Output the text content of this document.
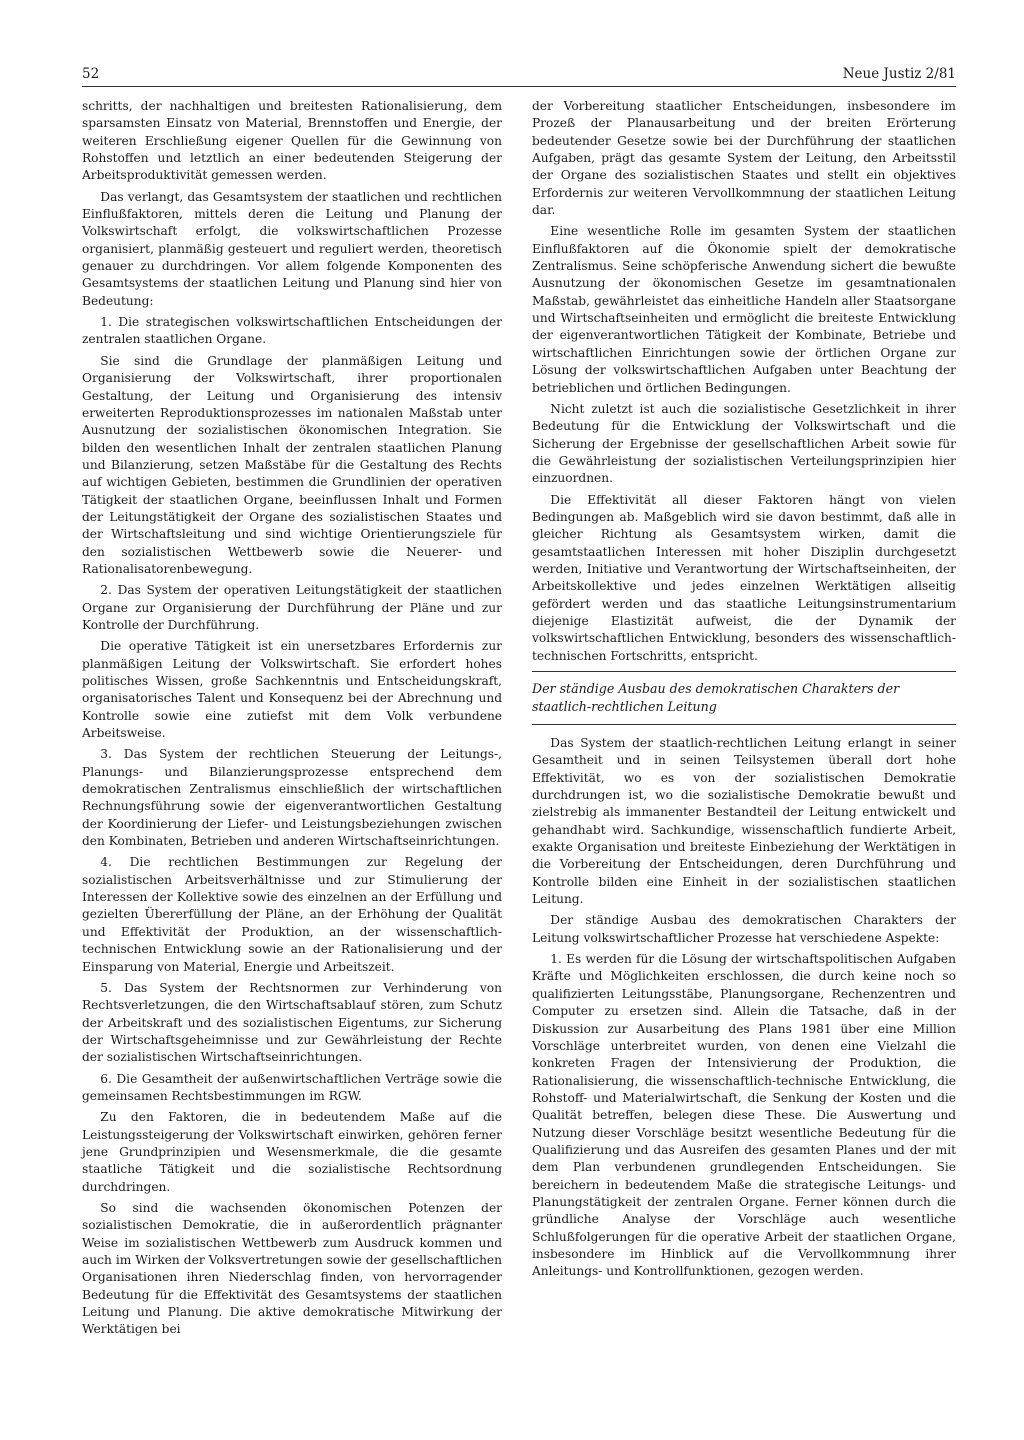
52	Neue Justiz 2/81

schritts, der nachhaltigen und breitesten Rationalisierung, dem sparsamsten Einsatz von Material, Brennstoffen und Energie, der weiteren Erschließung eigener Quellen für die Gewinnung von Rohstoffen und letztlich an einer bedeutenden Steigerung der Arbeitsproduktivität gemessen werden.

Das verlangt, das Gesamtsystem der staatlichen und rechtlichen Einflußfaktoren, mittels deren die Leitung und Planung der Volkswirtschaft erfolgt, die volkswirtschaftlichen Prozesse organisiert, planmäßig gesteuert und reguliert werden, theoretisch genauer zu durchdringen. Vor allem folgende Komponenten des Gesamtsystems der staatlichen Leitung und Planung sind hier von Bedeutung:

1. Die strategischen volkswirtschaftlichen Entscheidungen der zentralen staatlichen Organe.

Sie sind die Grundlage der planmäßigen Leitung und Organisierung der Volkswirtschaft, ihrer proportionalen Gestaltung, der Leitung und Organisierung des intensiv erweiterten Reproduktionsprozesses im nationalen Maßstab unter Ausnutzung der sozialistischen ökonomischen Integration. Sie bilden den wesentlichen Inhalt der zentralen staatlichen Planung und Bilanzierung, setzen Maßstäbe für die Gestaltung des Rechts auf wichtigen Gebieten, bestimmen die Grundlinien der operativen Tätigkeit der staatlichen Organe, beeinflussen Inhalt und Formen der Leitungstätigkeit der Organe des sozialistischen Staates und der Wirtschaftsleitung und sind wichtige Orientierungsziele für den sozialistischen Wettbewerb sowie die Neuerer- und Rationalisatorenbewegung.

2. Das System der operativen Leitungstätigkeit der staatlichen Organe zur Organisierung der Durchführung der Pläne und zur Kontrolle der Durchführung.

Die operative Tätigkeit ist ein unersetzbares Erfordernis zur planmäßigen Leitung der Volkswirtschaft. Sie erfordert hohes politisches Wissen, große Sachkenntnis und Entscheidungskraft, organisatorisches Talent und Konsequenz bei der Abrechnung und Kontrolle sowie eine zutiefst mit dem Volk verbundene Arbeitsweise.

3. Das System der rechtlichen Steuerung der Leitungs-, Planungs- und Bilanzierungsprozesse entsprechend dem demokratischen Zentralismus einschließlich der wirtschaftlichen Rechnungsführung sowie der eigenverantwortlichen Gestaltung der Koordinierung der Liefer- und Leistungsbeziehungen zwischen den Kombinaten, Betrieben und anderen Wirtschaftseinrichtungen.

4. Die rechtlichen Bestimmungen zur Regelung der sozialistischen Arbeitsverhältnisse und zur Stimulierung der Interessen der Kollektive sowie des einzelnen an der Erfüllung und gezielten Übererfüllung der Pläne, an der Erhöhung der Qualität und Effektivität der Produktion, an der wissenschaftlich-technischen Entwicklung sowie an der Rationalisierung und der Einsparung von Material, Energie und Arbeitszeit.

5. Das System der Rechtsnormen zur Verhinderung von Rechtsverletzungen, die den Wirtschaftsablauf stören, zum Schutz der Arbeitskraft und des sozialistischen Eigentums, zur Sicherung der Wirtschaftsgeheimnisse und zur Gewährleistung der Rechte der sozialistischen Wirtschaftseinrichtungen.

6. Die Gesamtheit der außenwirtschaftlichen Verträge sowie die gemeinsamen Rechtsbestimmungen im RGW.

Zu den Faktoren, die in bedeutendem Maße auf die Leistungssteigerung der Volkswirtschaft einwirken, gehören ferner jene Grundprinzipien und Wesensmerkmale, die die gesamte staatliche Tätigkeit und die sozialistische Rechtsordnung durchdringen.

So sind die wachsenden ökonomischen Potenzen der sozialistischen Demokratie, die in außerordentlich prägnanter Weise im sozialistischen Wettbewerb zum Ausdruck kommen und auch im Wirken der Volksvertretungen sowie der gesellschaftlichen Organisationen ihren Niederschlag finden, von hervorragender Bedeutung für die Effektivität des Gesamtsystems der staatlichen Leitung und Planung. Die aktive demokratische Mitwirkung der Werktätigen bei

der Vorbereitung staatlicher Entscheidungen, insbesondere im Prozeß der Planausarbeitung und der breiten Erörterung bedeutender Gesetze sowie bei der Durchführung der staatlichen Aufgaben, prägt das gesamte System der Leitung, den Arbeitsstil der Organe des sozialistischen Staates und stellt ein objektives Erfordernis zur weiteren Vervollkommnung der staatlichen Leitung dar.

Eine wesentliche Rolle im gesamten System der staatlichen Einflußfaktoren auf die Ökonomie spielt der demokratische Zentralismus. Seine schöpferische Anwendung sichert die bewußte Ausnutzung der ökonomischen Gesetze im gesamtnationalen Maßstab, gewährleistet das einheitliche Handeln aller Staatsorgane und Wirtschaftseinheiten und ermöglicht die breiteste Entwicklung der eigenverantwortlichen Tätigkeit der Kombinate, Betriebe und wirtschaftlichen Einrichtungen sowie der örtlichen Organe zur Lösung der volkswirtschaftlichen Aufgaben unter Beachtung der betrieblichen und örtlichen Bedingungen.

Nicht zuletzt ist auch die sozialistische Gesetzlichkeit in ihrer Bedeutung für die Entwicklung der Volkswirtschaft und die Sicherung der Ergebnisse der gesellschaftlichen Arbeit sowie für die Gewährleistung der sozialistischen Verteilungsprinzipien hier einzuordnen.

Die Effektivität all dieser Faktoren hängt von vielen Bedingungen ab. Maßgeblich wird sie davon bestimmt, daß alle in gleicher Richtung als Gesamtsystem wirken, damit die gesamtstaatlichen Interessen mit hoher Disziplin durchgesetzt werden, Initiative und Verantwortung der Wirtschaftseinheiten, der Arbeitskollektive und jedes einzelnen Werktätigen allseitig gefördert werden und das staatliche Leitungsinstrumentarium diejenige Elastizität aufweist, die der Dynamik der volkswirtschaftlichen Entwicklung, besonders des wissenschaftlich-technischen Fortschritts, entspricht.

Der ständige Ausbau des demokratischen Charakters der staatlich-rechtlichen Leitung

Das System der staatlich-rechtlichen Leitung erlangt in seiner Gesamtheit und in seinen Teilsystemen überall dort hohe Effektivität, wo es von der sozialistischen Demokratie durchdrungen ist, wo die sozialistische Demokratie bewußt und zielstrebig als immanenter Bestandteil der Leitung entwickelt und gehandhabt wird. Sachkundige, wissenschaftlich fundierte Arbeit, exakte Organisation und breiteste Einbeziehung der Werktätigen in die Vorbereitung der Entscheidungen, deren Durchführung und Kontrolle bilden eine Einheit in der sozialistischen staatlichen Leitung.

Der ständige Ausbau des demokratischen Charakters der Leitung volkswirtschaftlicher Prozesse hat verschiedene Aspekte:

1. Es werden für die Lösung der wirtschaftspolitischen Aufgaben Kräfte und Möglichkeiten erschlossen, die durch keine noch so qualifizierten Leitungsstäbe, Planungsorgane, Rechenzentren und Computer zu ersetzen sind. Allein die Tatsache, daß in der Diskussion zur Ausarbeitung des Plans 1981 über eine Million Vorschläge unterbreitet wurden, von denen eine Vielzahl die konkreten Fragen der Intensivierung der Produktion, die Rationalisierung, die wissenschaftlich-technische Entwicklung, die Rohstoff- und Materialwirtschaft, die Senkung der Kosten und die Qualität betreffen, belegen diese These. Die Auswertung und Nutzung dieser Vorschläge besitzt wesentliche Bedeutung für die Qualifizierung und das Ausreifen des gesamten Planes und der mit dem Plan verbundenen grundlegenden Entscheidungen. Sie bereichern in bedeutendem Maße die strategische Leitungs- und Planungstätigkeit der zentralen Organe. Ferner können durch die gründliche Analyse der Vorschläge auch wesentliche Schlußfolgerungen für die operative Arbeit der staatlichen Organe, insbesondere im Hinblick auf die Vervollkommnung ihrer Anleitungs- und Kontrollfunktionen, gezogen werden.
